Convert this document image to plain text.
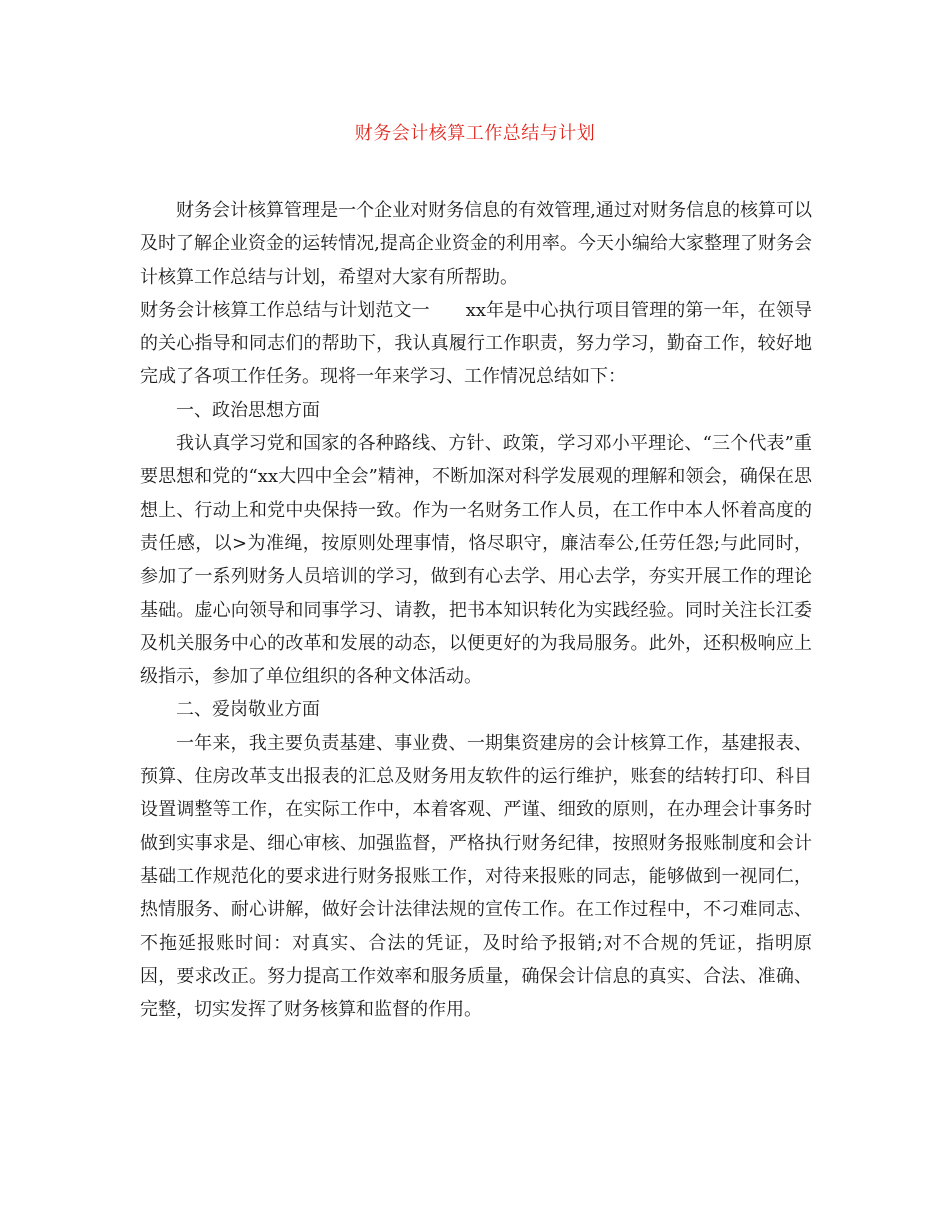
财务会计核算工作总结与计划

财务会计核算管理是一个企业对财务信息的有效管理,通过对财务信息的核算可以及时了解企业资金的运转情况,提高企业资金的利用率。今天小编给大家整理了财务会计核算工作总结与计划，希望对大家有所帮助。

财务会计核算工作总结与计划范文一 xx年是中心执行项目管理的第一年，在领导的关心指导和同志们的帮助下，我认真履行工作职责，努力学习，勤奋工作，较好地完成了各项工作任务。现将一年来学习、工作情况总结如下：

一、政治思想方面

我认真学习党和国家的各种路线、方针、政策，学习邓小平理论、“三个代表”重要思想和党的“xx大四中全会”精神，不断加深对科学发展观的理解和领会，确保在思想上、行动上和党中央保持一致。作为一名财务工作人员，在工作中本人怀着高度的责任感，以>为准绳，按原则处理事情，恪尽职守，廉洁奉公,任劳任怨;与此同时，参加了一系列财务人员培训的学习，做到有心去学、用心去学，夯实开展工作的理论基础。虚心向领导和同事学习、请教，把书本知识转化为实践经验。同时关注长江委及机关服务中心的改革和发展的动态，以便更好的为我局服务。此外，还积极响应上级指示，参加了单位组织的各种文体活动。

二、爱岗敬业方面

一年来，我主要负责基建、事业费、一期集资建房的会计核算工作，基建报表、预算、住房改革支出报表的汇总及财务用友软件的运行维护，账套的结转打印、科目设置调整等工作，在实际工作中，本着客观、严谨、细致的原则，在办理会计事务时做到实事求是、细心审核、加强监督，严格执行财务纪律，按照财务报账制度和会计基础工作规范化的要求进行财务报账工作，对待来报账的同志，能够做到一视同仁，热情服务、耐心讲解，做好会计法律法规的宣传工作。在工作过程中，不刁难同志、不拖延报账时间：对真实、合法的凭证，及时给予报销;对不合规的凭证，指明原因，要求改正。努力提高工作效率和服务质量，确保会计信息的真实、合法、准确、完整，切实发挥了财务核算和监督的作用。
